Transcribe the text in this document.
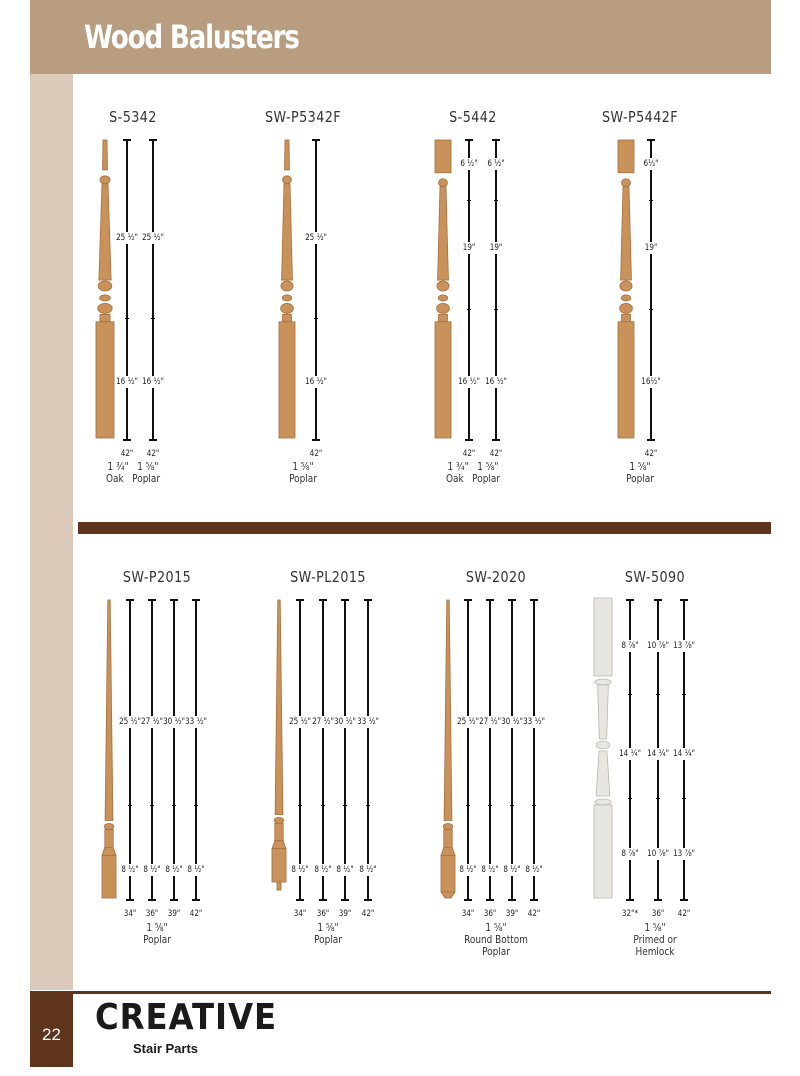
Wood Balusters
22 CREATIVE
Stair Parts
S-5342
25 ½"
16 ½"
42"
25 ½"
16 ½"
42"
1 ¾"   1 ⅝"
Oak   Poplar
SW-P5342F
25 ½"
16 ½"
42"
1 ⅝"
Poplar
S-5442
6 ½"
19"
16 ½"
42"
6 ½"
19"
16 ½"
42"
1 ¾"   1 ⅝"
Oak   Poplar
SW-P5442F
6½"
19"
16½"
42"
1 ⅝"
Poplar
SW-P2015
25 ½"
8 ½"
34"
27 ½"
8 ½"
36"
30 ½"
8 ½"
39"
33 ½"
8 ½"
42"
1 ⅝"
Poplar
SW-PL2015
25 ½"
8 ½"
34"
27 ½"
8 ½"
36"
30 ½"
8 ½"
39"
33 ½"
8 ½"
42"
1 ⅝"
Poplar
SW-2020
25 ½"
8 ½"
34"
27 ½"
8 ½"
36"
30 ½"
8 ½"
39"
33 ½"
8 ½"
42"
1 ⅝"
Round Bottom
Poplar
SW-5090
8 ⅞"
14 ¼"
8 ⅞"
32"*
10 ⅞"
14 ¼"
10 ⅞"
36"
13 ⅞"
14 ¼"
13 ⅞"
42"
1 ⅝"
Primed or
Hemlock
